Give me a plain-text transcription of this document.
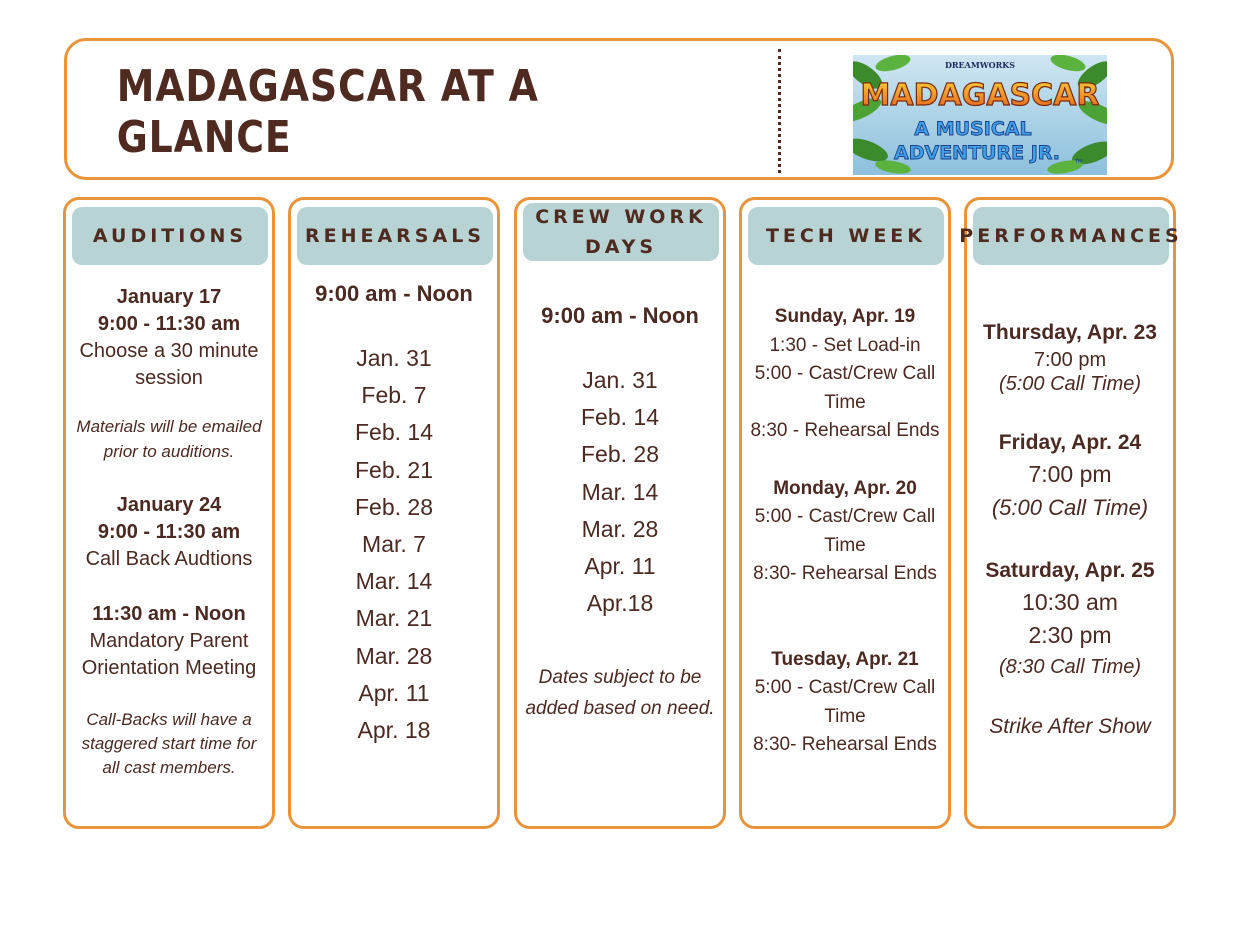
MADAGASCAR AT A GLANCE
DREAMWORKS
MADAGASCAR
A MUSICAL
ADVENTURE JR.	TM
AUDITIONS
January 17
9:00 - 11:30 am
Choose a 30 minute
session
Materials will be emailed
prior to auditions.
January 24
9:00 - 11:30 am
Call Back Audtions
11:30 am - Noon
Mandatory Parent
Orientation Meeting
Call-Backs will have a
staggered start time for
all cast members.
REHEARSALS
9:00 am - Noon
Jan. 31
Feb. 7
Feb. 14
Feb. 21
Feb. 28
Mar. 7
Mar. 14
Mar. 21
Mar. 28
Apr. 11
Apr. 18
CREW WORK
DAYS
9:00 am - Noon
Jan. 31
Feb. 14
Feb. 28
Mar. 14
Mar. 28
Apr. 11
Apr.18
Dates subject to be
added based on need.
TECH WEEK
Sunday, Apr. 19
1:30 - Set Load-in
5:00 - Cast/Crew Call
Time
8:30 - Rehearsal Ends
Monday, Apr. 20
5:00 - Cast/Crew Call
Time
8:30- Rehearsal Ends
Tuesday, Apr. 21
5:00 - Cast/Crew Call
Time
8:30- Rehearsal Ends
PERFORMANCES
Thursday, Apr. 23
7:00 pm
(5:00 Call Time)
Friday, Apr. 24
7:00 pm
(5:00 Call Time)
Saturday, Apr. 25
10:30 am
2:30 pm
(8:30 Call Time)
Strike After Show
